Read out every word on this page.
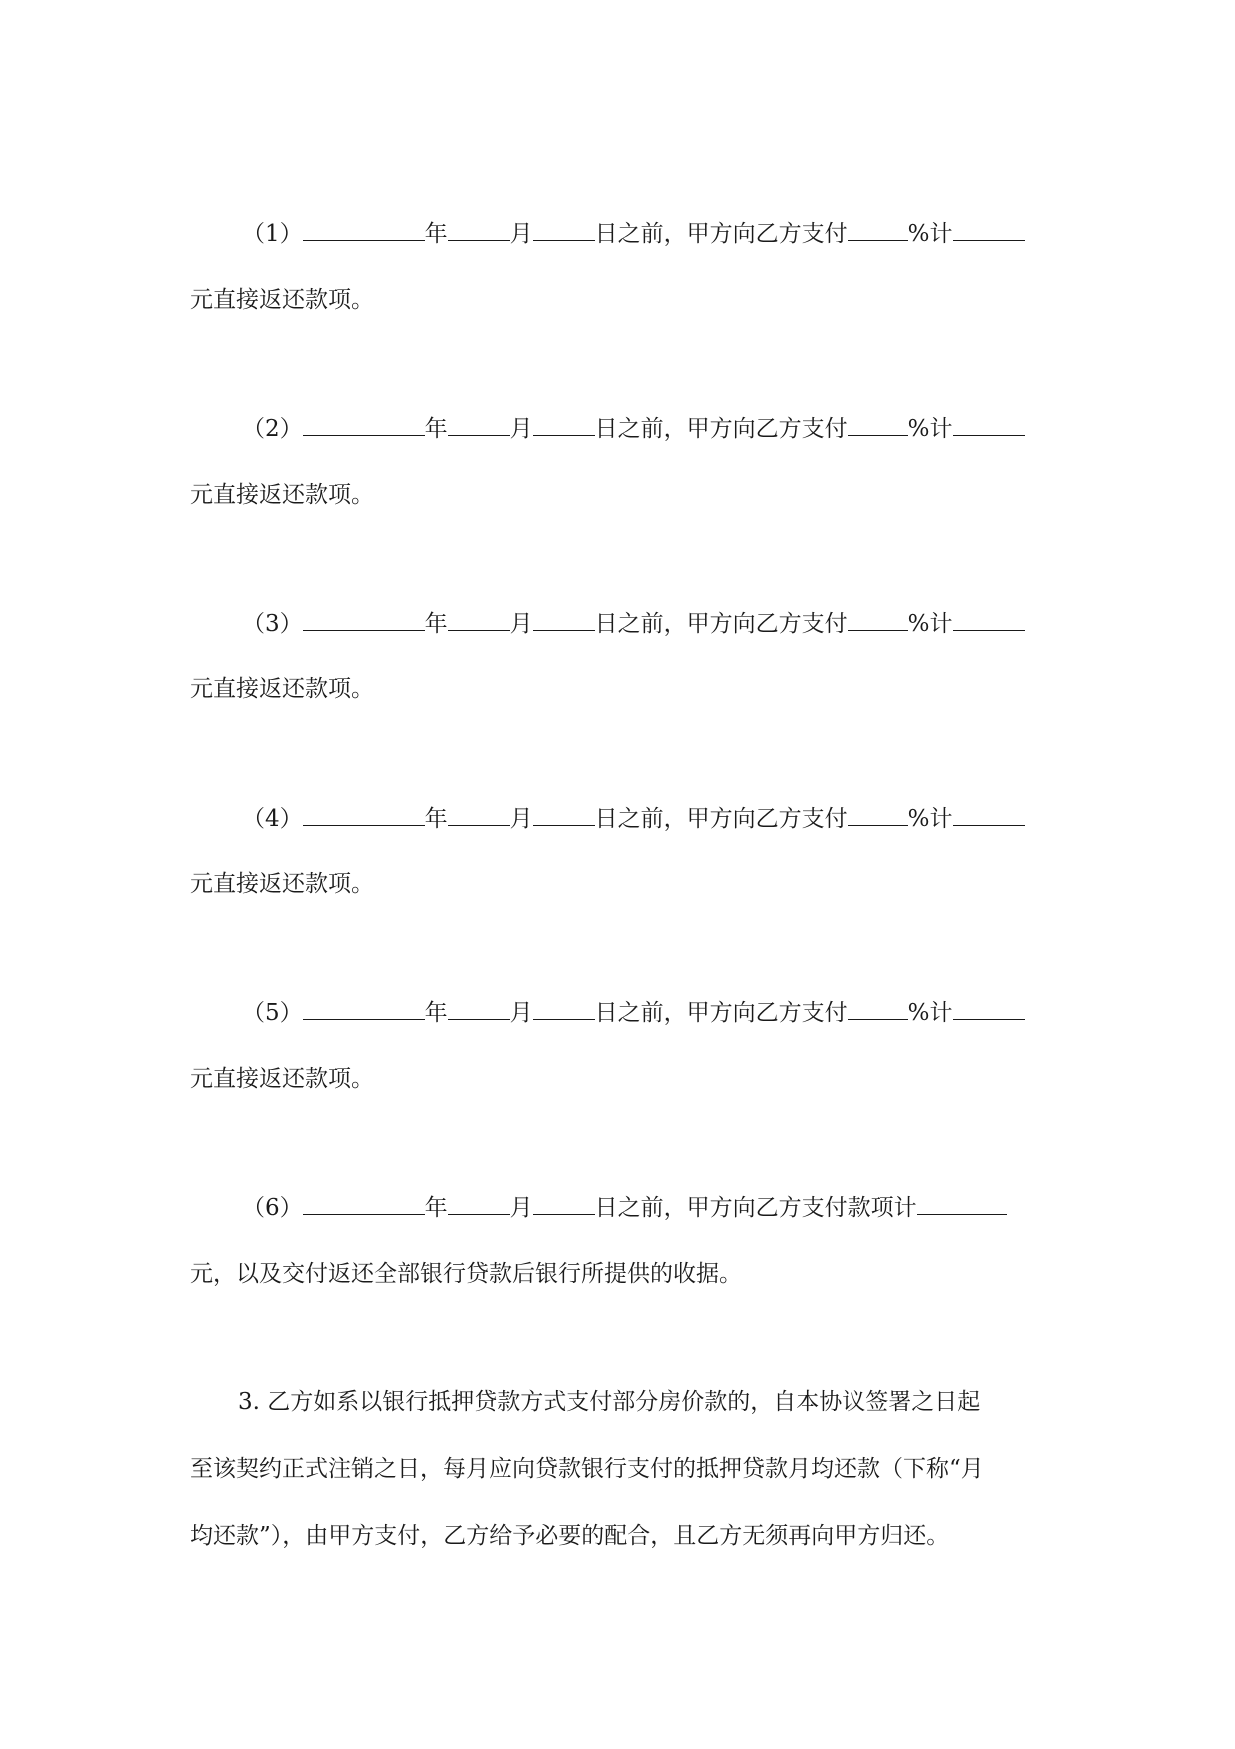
（1）	年	月	日之前，甲方向乙方支付	%计
元直接返还款项。
（2）	年	月	日之前，甲方向乙方支付	%计
元直接返还款项。
（3）	年	月	日之前，甲方向乙方支付	%计
元直接返还款项。
（4）	年	月	日之前，甲方向乙方支付	%计
元直接返还款项。
（5）	年	月	日之前，甲方向乙方支付	%计
元直接返还款项。
（6）	年	月	日之前，甲方向乙方支付款项计
元，以及交付返还全部银行贷款后银行所提供的收据。
3. 乙方如系以银行抵押贷款方式支付部分房价款的，自本协议签署之日起
至该契约正式注销之日，每月应向贷款银行支付的抵押贷款月均还款（下称“月
均还款”），由甲方支付，乙方给予必要的配合，且乙方无须再向甲方归还。
